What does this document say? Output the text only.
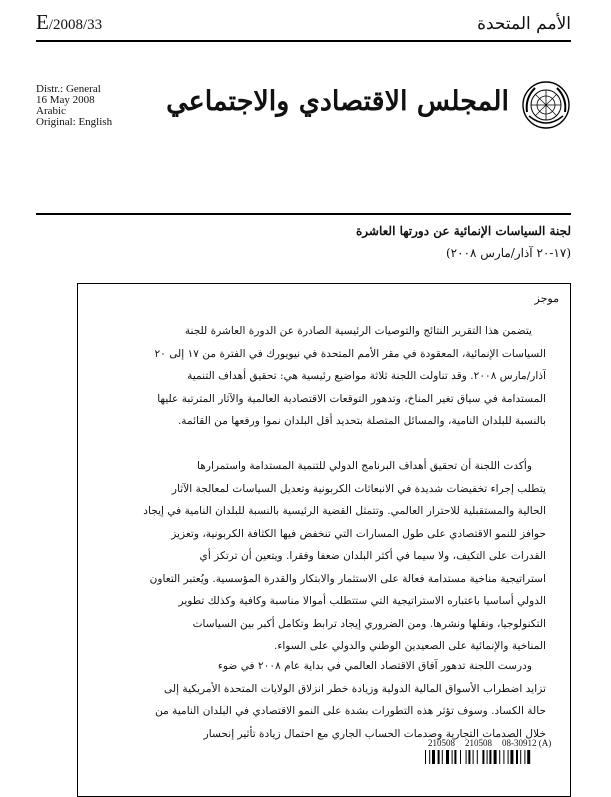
E/2008/33	الأمم المتحدة
Distr.: General
16 May 2008
Arabic
Original: English
المجلس الاقتصادي والاجتماعي
لجنة السياسات الإنمائية عن دورتها العاشرة
(١٧-٢٠ آذار/مارس ٢٠٠٨)
موجز
يتضمن هذا التقرير النتائج والتوصيات الرئيسية الصادرة عن الدورة العاشرة للجنة
السياسات الإنمائية، المعقودة في مقر الأمم المتحدة في نيويورك في الفترة من ١٧ إلى ٢٠
آذار/مارس ٢٠٠٨. وقد تناولت اللجنة ثلاثة مواضيع رئيسية هي: تحقيق أهداف التنمية
المستدامة في سياق تغير المناخ، وتدهور التوقعات الاقتصادية العالمية والآثار المترتبة عليها
بالنسبة للبلدان النامية، والمسائل المتصلة بتحديد أقل البلدان نموا ورفعها من القائمة.
وأكدت اللجنة أن تحقيق أهداف البرنامج الدولي للتنمية المستدامة واستمرارها
يتطلب إجراء تخفيضات شديدة في الانبعاثات الكربونية وتعديل السياسات لمعالجة الآثار
الحالية والمستقبلية للاحترار العالمي. وتتمثل القضية الرئيسية بالنسبة للبلدان النامية في إيجاد
حوافز للنمو الاقتصادي على طول المسارات التي تنخفض فيها الكثافة الكربونية، وتعزيز
القدرات على التكيف، ولا سيما في أكثر البلدان ضعفا وفقرا. ويتعين أن ترتكز أي
استراتيجية مناخية مستدامة فعالة على الاستثمار والابتكار والقدرة المؤسسية. ويُعتبر التعاون
الدولي أساسيا باعتباره الاستراتيجية التي ستتطلب أموالا مناسبة وكافية وكذلك تطوير
التكنولوجيا، ونقلها ونشرها. ومن الضروري إيجاد ترابط وتكامل أكبر بين السياسات
المناخية والإنمائية على الصعيدين الوطني والدولي على السواء.
ودرست اللجنة تدهور آفاق الاقتصاد العالمي في بداية عام ٢٠٠٨ في ضوء
تزايد اضطراب الأسواق المالية الدولية وزيادة خطر انزلاق الولايات المتحدة الأمريكية إلى
حالة الكساد. وسوف تؤثر هذه التطورات بشدة على النمو الاقتصادي في البلدان النامية من
خلال الصدمات التجارية وصدمات الحساب الجاري مع احتمال زيادة تأثير إنحسار
210508 210508 08-30912 (A)
